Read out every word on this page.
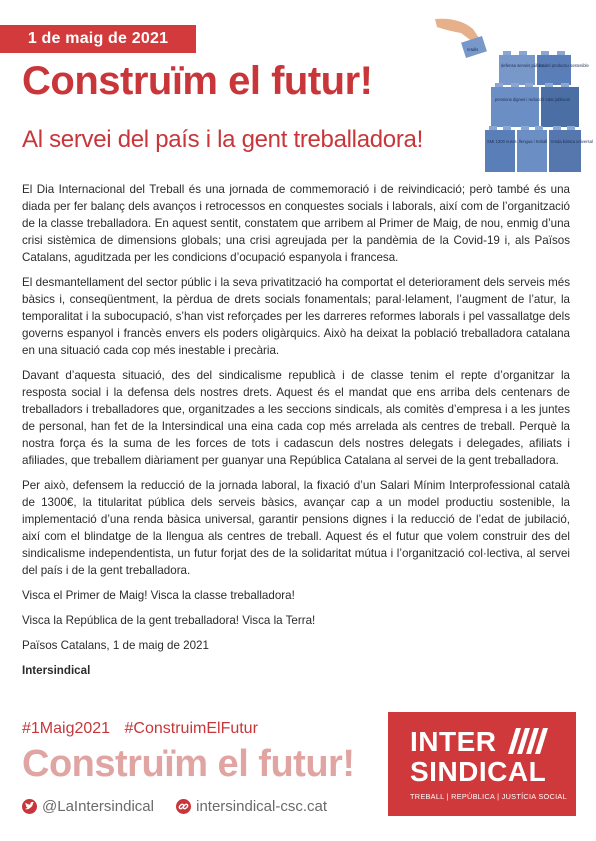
1 de maig de 2021
Construïm el futur!
Al servei del país i la gent treballadora!
retalls
defensa serveis públics
model productiu sostenible
pensions dignes i reducció edat jubilació
SMI 1300 euros llengua i treball renda bàsica universal

El Dia Internacional del Treball és una jornada de commemoració i de reivindicació; però també és una diada per fer balanç dels avanços i retrocessos en conquestes socials i laborals, així com de l’organització de la classe treballadora. En aquest sentit, constatem que arribem al Primer de Maig, de nou, enmig d’una crisi sistèmica de dimensions globals; una crisi agreujada per la pandèmia de la Covid-19 i, als Països Catalans, aguditzada per les condicions d’ocupació espanyola i francesa.

El desmantellament del sector públic i la seva privatització ha comportat el deteriorament dels serveis més bàsics i, conseqüentment, la pèrdua de drets socials fonamentals; paral·lelament, l’augment de l’atur, la temporalitat i la subocupació, s’han vist reforçades per les darreres reformes laborals i pel vassallatge dels governs espanyol i francès envers els poders oligàrquics. Això ha deixat la població treballadora catalana en una situació cada cop més inestable i precària.

Davant d’aquesta situació, des del sindicalisme republicà i de classe tenim el repte d’organitzar la resposta social i la defensa dels nostres drets. Aquest és el mandat que ens arriba dels centenars de treballadors i treballadores que, organitzades a les seccions sindicals, als comitès d’empresa i a les juntes de personal, han fet de la Intersindical una eina cada cop més arrelada als centres de treball. Perquè la nostra força és la suma de les forces de tots i cadascun dels nostres delegats i delegades, afiliats i afiliades, que treballem diàriament per guanyar una República Catalana al servei de la gent treballadora.

Per això, defensem la reducció de la jornada laboral, la fixació d’un Salari Mínim Interprofessional català de 1300€, la titularitat pública dels serveis bàsics, avançar cap a un model productiu sostenible, la implementació d’una renda bàsica universal, garantir pensions dignes i la reducció de l’edat de jubilació, així com el blindatge de la llengua als centres de treball. Aquest és el futur que volem construir des del sindicalisme independentista, un futur forjat des de la solidaritat mútua i l’organització col·lectiva, al servei del país i de la gent treballadora.

Visca el Primer de Maig! Visca la classe treballadora!

Visca la República de la gent treballadora! Visca la Terra!

Països Catalans, 1 de maig de 2021

Intersindical

#1Maig2021 #ConstruimElFutur
Construïm el futur!
@LaIntersindical
	intersindical-csc.cat
INTER
SINDICAL
TREBALL | REPÚBLICA | JUSTÍCIA SOCIAL
